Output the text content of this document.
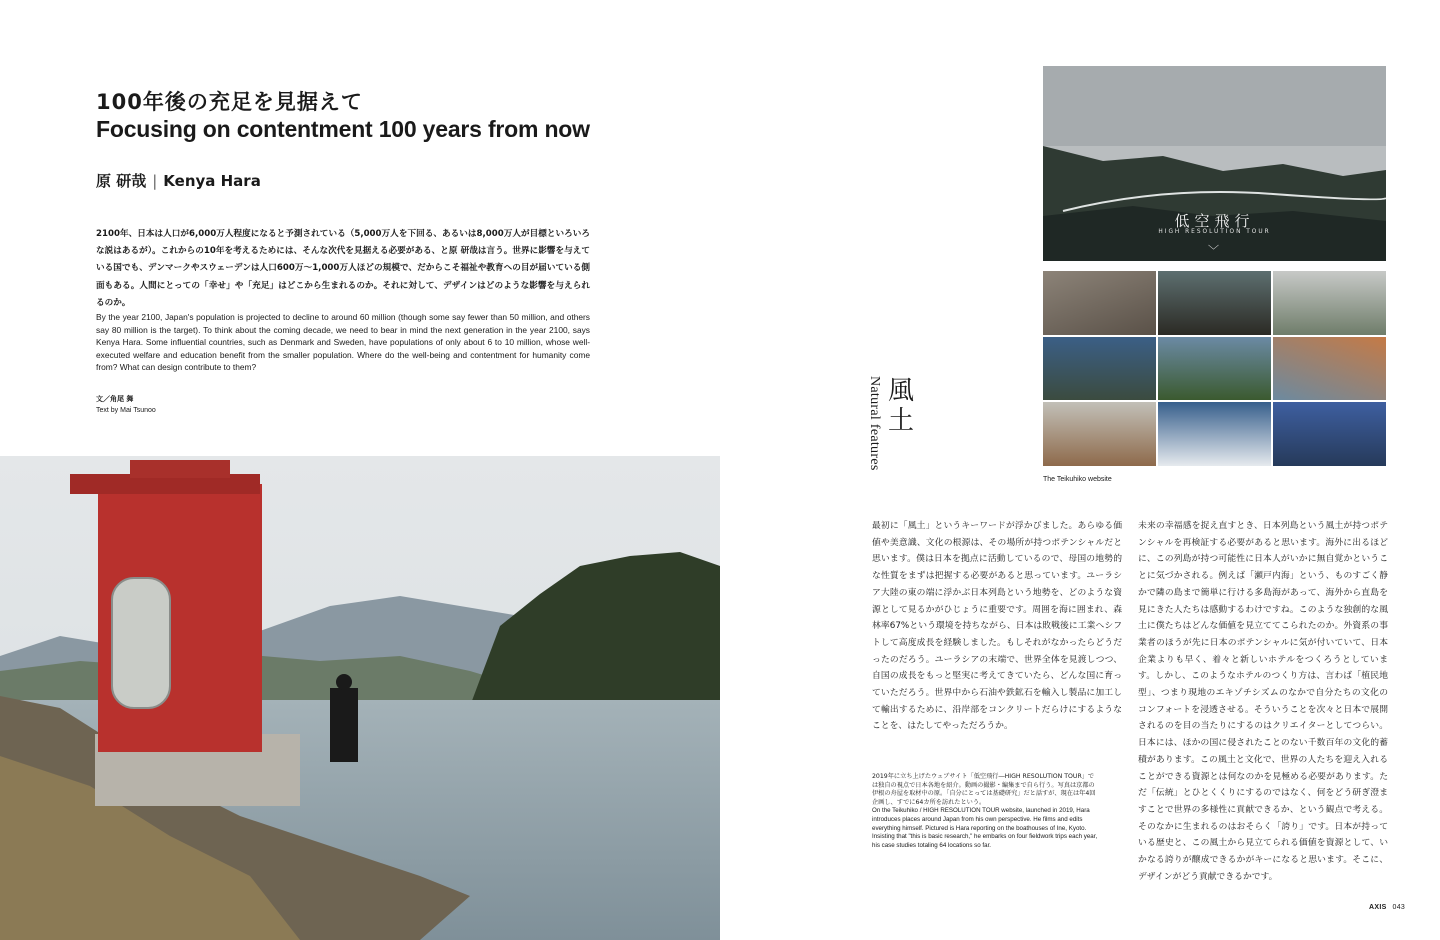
100年後の充足を見据えて
Focusing on contentment 100 years from now
原 研哉 | Kenya Hara

2100年、日本は人口が6,000万人程度になると予測されている（5,000万人を下回る、あるいは8,000万人が目標といろいろな説はあるが）。これからの10年を考えるためには、そんな次代を見据える必要がある、と原 研哉は言う。世界に影響を与えている国でも、デンマークやスウェーデンは人口600万～1,000万人ほどの規模で、だからこそ福祉や教育への目が届いている側面もある。人間にとっての「幸せ」や「充足」はどこから生まれるのか。それに対して、デザインはどのような影響を与えられるのか。

By the year 2100, Japan's population is projected to decline to around 60 million (though some say fewer than 50 million, and others say 80 million is the target). To think about the coming decade, we need to bear in mind the next generation in the year 2100, says Kenya Hara. Some influential countries, such as Denmark and Sweden, have populations of only about 6 to 10 million, whose well-executed welfare and education benefit from the smaller population. Where do the well-being and contentment for humanity come from? What can design contribute to them?

文／角尾 舞
Text by Mai Tsunoo	Natural features 風土
低空飛行
HIGH RESOLUTION TOUR
﹀
The Teikuhiko website

最初に「風土」というキーワードが浮かびました。あらゆる価値や美意識、文化の根源は、その場所が持つポテンシャルだと思います。僕は日本を拠点に活動しているので、母国の地勢的な性質をまずは把握する必要があると思っています。ユーラシア大陸の東の端に浮かぶ日本列島という地勢を、どのような資源として見るかがひじょうに重要です。周囲を海に囲まれ、森林率67%という環境を持ちながら、日本は敗戦後に工業へシフトして高度成長を経験しました。もしそれがなかったらどうだったのだろう。ユーラシアの末端で、世界全体を見渡しつつ、自国の成長をもっと堅実に考えてきていたら、どんな国に育っていただろう。世界中から石油や鉄鉱石を輸入し製品に加工して輸出するために、沿岸部をコンクリートだらけにするようなことを、はたしてやっただろうか。

未来の幸福感を捉え直すとき、日本列島という風土が持つポテンシャルを再検証する必要があると思います。海外に出るほどに、この列島が持つ可能性に日本人がいかに無自覚かということに気づかされる。例えば「瀬戸内海」という、ものすごく静かで隣の島まで簡単に行ける多島海があって、海外から直島を見にきた人たちは感動するわけですね。このような独創的な風土に僕たちはどんな価値を見立ててこられたのか。外資系の事業者のほうが先に日本のポテンシャルに気が付いていて、日本企業よりも早く、着々と新しいホテルをつくろうとしています。しかし、このようなホテルのつくり方は、言わば「植民地型」、つまり現地のエキゾチシズムのなかで自分たちの文化のコンフォートを浸透させる。そういうことを次々と日本で展開されるのを目の当たりにするのはクリエイターとしてつらい。日本には、ほかの国に侵されたことのない千数百年の文化的蓄積があります。この風土と文化で、世界の人たちを迎え入れることができる資源とは何なのかを見極める必要があります。ただ「伝統」とひとくくりにするのではなく、何をどう研ぎ澄ますことで世界の多様性に貢献できるか、という観点で考える。そのなかに生まれるのはおそらく「誇り」です。日本が持っている歴史と、この風土から見立てられる価値を資源として、いかなる誇りが醸成できるかがキーになると思います。そこに、デザインがどう貢献できるかです。

2019年に立ち上げたウェブサイト「低空飛行―HIGH RESOLUTION TOUR」では独自の視点で日本各地を紹介。動画の撮影・編集まで自ら行う。写真は京都の伊根の舟屋を取材中の原。「自分にとっては基礎研究」だと話すが、現在は年4回企画し、すでに64カ所を訪れたという。
On the Teikuhiko / HIGH RESOLUTION TOUR website, launched in 2019, Hara introduces places around Japan from his own perspective. He films and edits everything himself. Pictured is Hara reporting on the boathouses of Ine, Kyoto. Insisting that "this is basic research," he embarks on four fieldwork trips each year, his case studies totaling 64 locations so far.
AXIS 043
